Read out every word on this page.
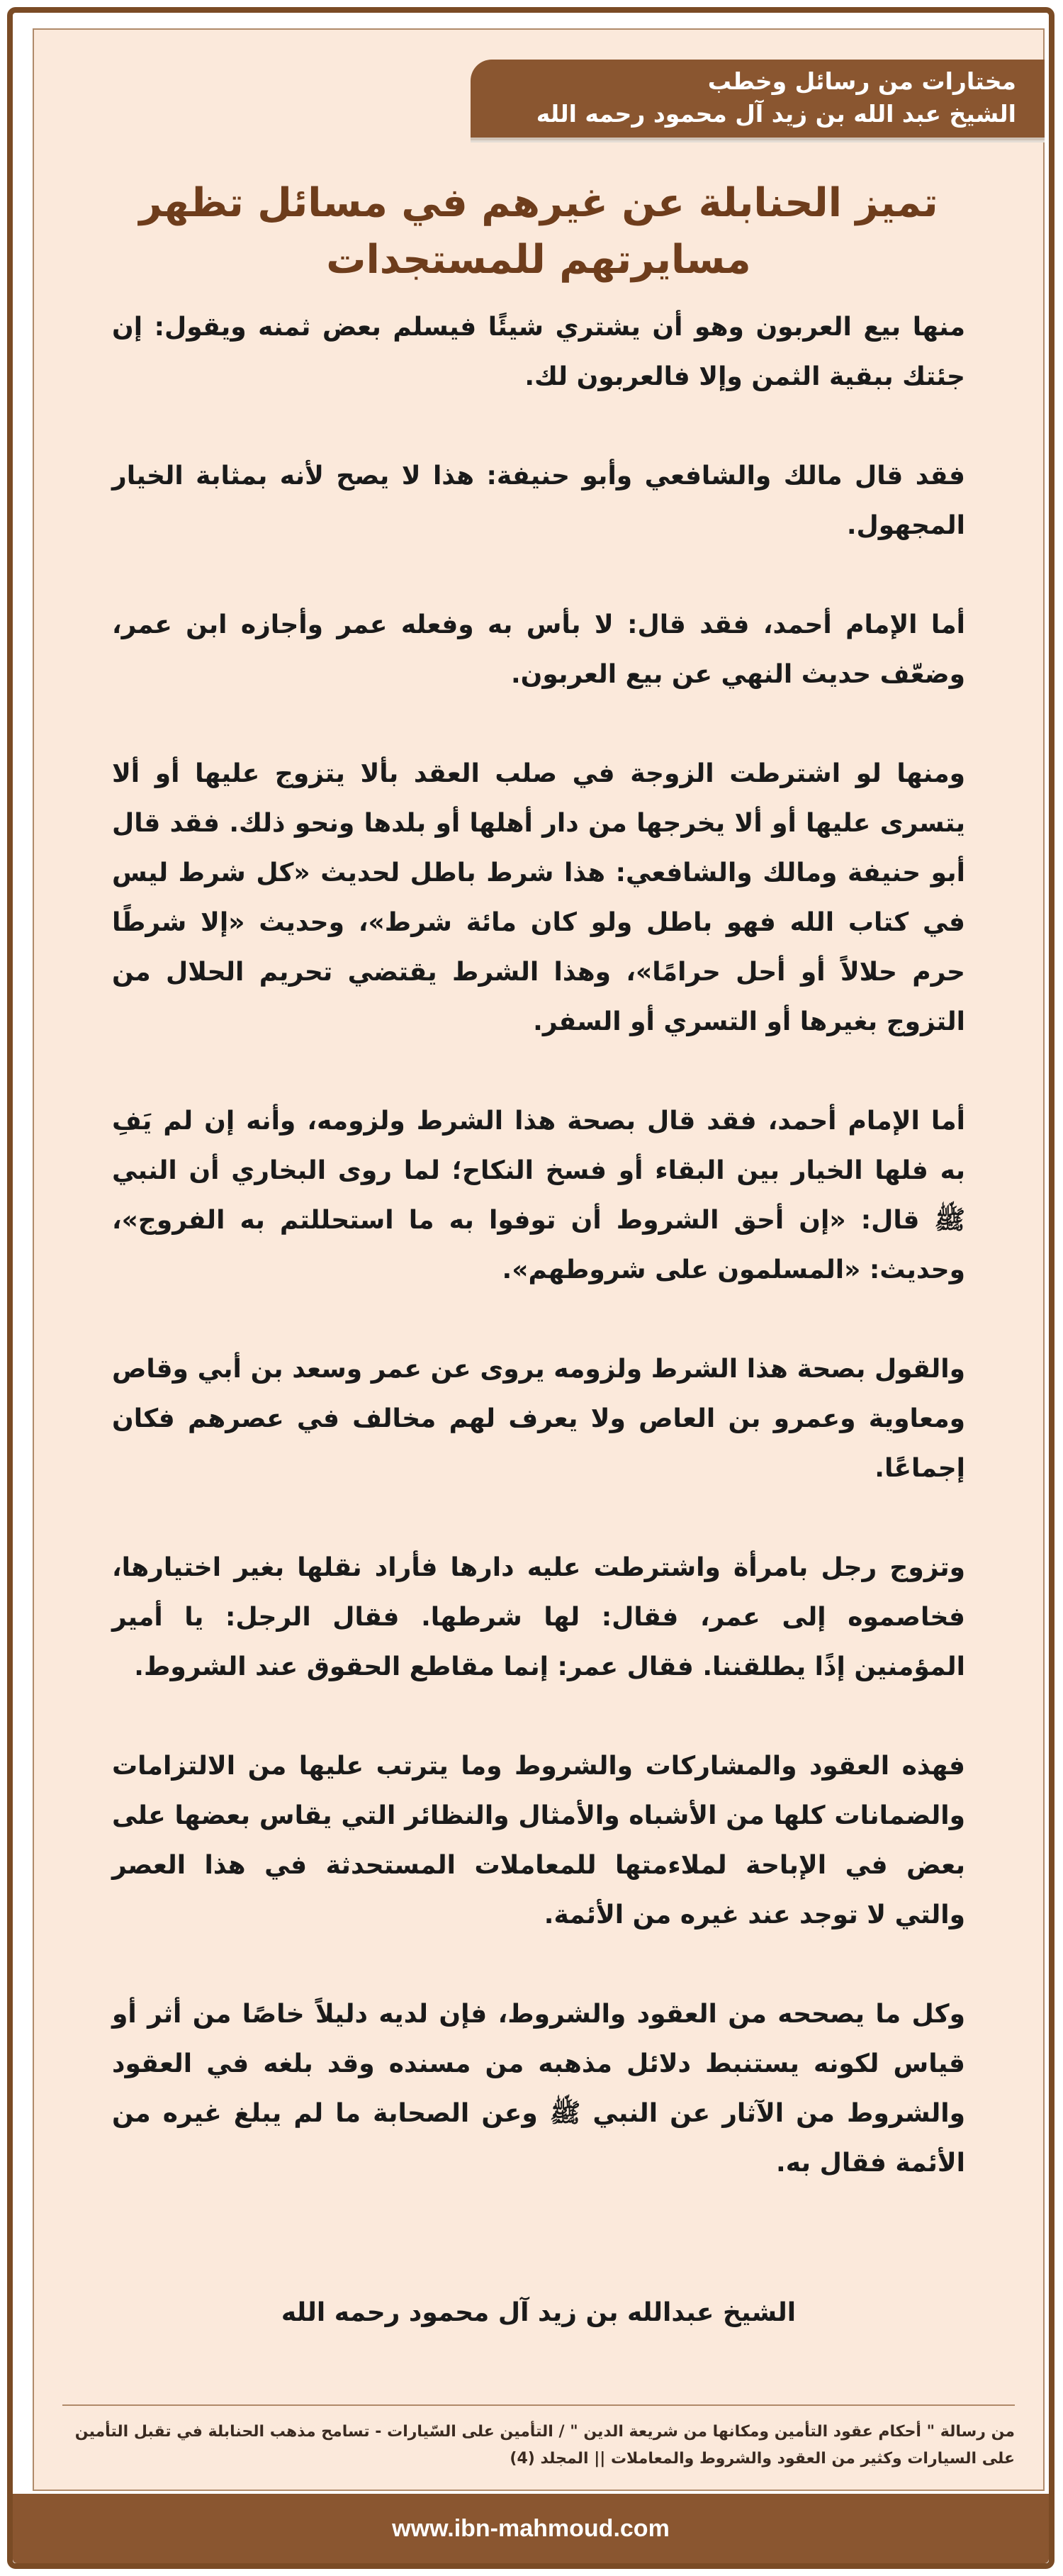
مختارات من رسائل وخطب
الشيخ عبد الله بن زيد آل محمود رحمه الله
تميز الحنابلة عن غيرهم في مسائل تظهر
مسايرتهم للمستجدات

منها بيع العربون وهو أن يشتري شيئًا فيسلم بعض ثمنه ويقول: إن جئتك ببقية الثمن وإلا فالعربون لك.

فقد قال مالك والشافعي وأبو حنيفة: هذا لا يصح لأنه بمثابة الخيار المجهول.

أما الإمام أحمد، فقد قال: لا بأس به وفعله عمر وأجازه ابن عمر، وضعّف حديث النهي عن بيع العربون.

ومنها لو اشترطت الزوجة في صلب العقد بألا يتزوج عليها أو ألا يتسرى عليها أو ألا يخرجها من دار أهلها أو بلدها ونحو ذلك. فقد قال أبو حنيفة ومالك والشافعي: هذا شرط باطل لحديث «كل شرط ليس في كتاب الله فهو باطل ولو كان مائة شرط»، وحديث «إلا شرطًا حرم حلالاً أو أحل حرامًا»، وهذا الشرط يقتضي تحريم الحلال من التزوج بغيرها أو التسري أو السفر.

أما الإمام أحمد، فقد قال بصحة هذا الشرط ولزومه، وأنه إن لم يَفِ به فلها الخيار بين البقاء أو فسخ النكاح؛ لما روى البخاري أن النبي ﷺ قال: «إن أحق الشروط أن توفوا به ما استحللتم به الفروج»، وحديث: «المسلمون على شروطهم».

والقول بصحة هذا الشرط ولزومه يروى عن عمر وسعد بن أبي وقاص ومعاوية وعمرو بن العاص ولا يعرف لهم مخالف في عصرهم فكان إجماعًا.

وتزوج رجل بامرأة واشترطت عليه دارها فأراد نقلها بغير اختيارها، فخاصموه إلى عمر، فقال: لها شرطها. فقال الرجل: يا أمير المؤمنين إذًا يطلقننا. فقال عمر: إنما مقاطع الحقوق عند الشروط.

فهذه العقود والمشاركات والشروط وما يترتب عليها من الالتزامات والضمانات كلها من الأشباه والأمثال والنظائر التي يقاس بعضها على بعض في الإباحة لملاءمتها للمعاملات المستحدثة في هذا العصر والتي لا توجد عند غيره من الأئمة.

وكل ما يصححه من العقود والشروط، فإن لديه دليلاً خاصًا من أثر أو قياس لكونه يستنبط دلائل مذهبه من مسنده وقد بلغه في العقود والشروط من الآثار عن النبي ﷺ وعن الصحابة ما لم يبلغ غيره من الأئمة فقال به.

الشيخ عبدالله بن زيد آل محمود رحمه الله
من رسالة " أحكام عقود التأمين ومكانها من شريعة الدين " / التأمين على السّيارات - تسامح مذهب الحنابلة في تقبل التأمين
على السيارات وكثير من العقود والشروط والمعاملات || المجلد (4)
www.ibn-mahmoud.com
